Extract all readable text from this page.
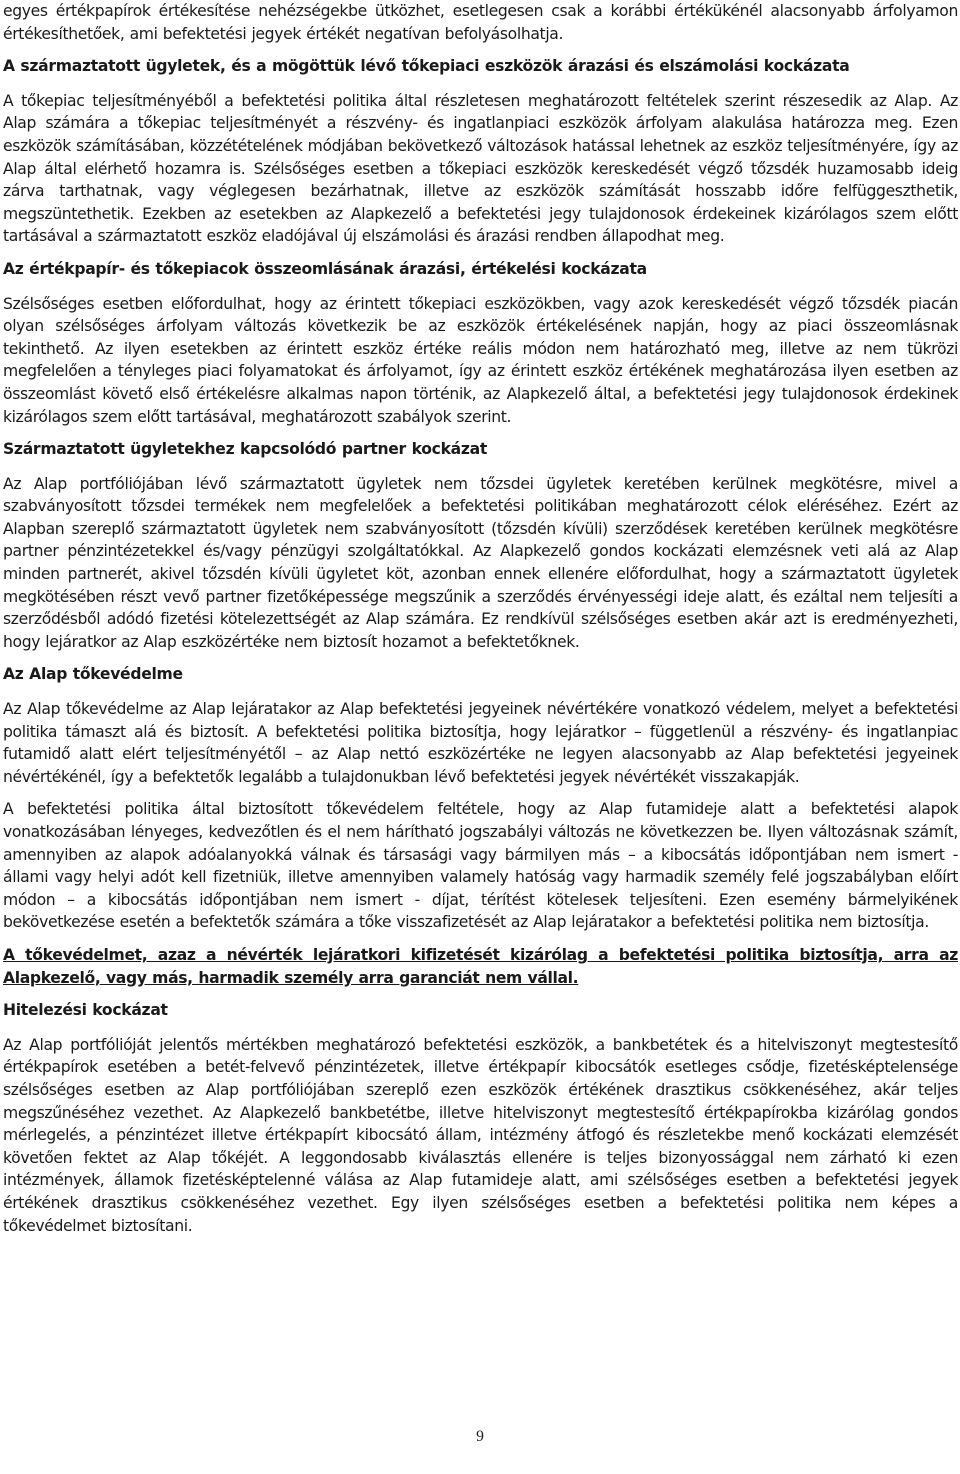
egyes értékpapírok értékesítése nehézségekbe ütközhet, esetlegesen csak a korábbi értékükénél alacsonyabb árfolyamon értékesíthetőek, ami befektetési jegyek értékét negatívan befolyásolhatja.

A származtatott ügyletek, és a mögöttük lévő tőkepiaci eszközök árazási és elszámolási kockázata

A tőkepiac teljesítményéből a befektetési politika által részletesen meghatározott feltételek szerint részesedik az Alap. Az Alap számára a tőkepiac teljesítményét a részvény- és ingatlanpiaci eszközök árfolyam alakulása határozza meg. Ezen eszközök számításában, közzétételének módjában bekövetkező változások hatással lehetnek az eszköz teljesítményére, így az Alap által elérhető hozamra is. Szélsőséges esetben a tőkepiaci eszközök kereskedését végző tőzsdék huzamosabb ideig zárva tarthatnak, vagy véglegesen bezárhatnak, illetve az eszközök számítását hosszabb időre felfüggeszthetik, megszüntethetik. Ezekben az esetekben az Alapkezelő a befektetési jegy tulajdonosok érdekeinek kizárólagos szem előtt tartásával a származtatott eszköz eladójával új elszámolási és árazási rendben állapodhat meg.

Az értékpapír- és tőkepiacok összeomlásának árazási, értékelési kockázata

Szélsőséges esetben előfordulhat, hogy az érintett tőkepiaci eszközökben, vagy azok kereskedését végző tőzsdék piacán olyan szélsőséges árfolyam változás következik be az eszközök értékelésének napján, hogy az piaci összeomlásnak tekinthető. Az ilyen esetekben az érintett eszköz értéke reális módon nem határozható meg, illetve az nem tükrözi megfelelően a tényleges piaci folyamatokat és árfolyamot, így az érintett eszköz értékének meghatározása ilyen esetben az összeomlást követő első értékelésre alkalmas napon történik, az Alapkezelő által, a befektetési jegy tulajdonosok érdekinek kizárólagos szem előtt tartásával, meghatározott szabályok szerint.

Származtatott ügyletekhez kapcsolódó partner kockázat

Az Alap portfóliójában lévő származtatott ügyletek nem tőzsdei ügyletek keretében kerülnek megkötésre, mivel a szabványosított tőzsdei termékek nem megfelelőek a befektetési politikában meghatározott célok eléréséhez. Ezért az Alapban szereplő származtatott ügyletek nem szabványosított (tőzsdén kívüli) szerződések keretében kerülnek megkötésre partner pénzintézetekkel és/vagy pénzügyi szolgáltatókkal. Az Alapkezelő gondos kockázati elemzésnek veti alá az Alap minden partnerét, akivel tőzsdén kívüli ügyletet köt, azonban ennek ellenére előfordulhat, hogy a származtatott ügyletek megkötésében részt vevő partner fizetőképessége megszűnik a szerződés érvényességi ideje alatt, és ezáltal nem teljesíti a szerződésből adódó fizetési kötelezettségét az Alap számára. Ez rendkívül szélsőséges esetben akár azt is eredményezheti, hogy lejáratkor az Alap eszközértéke nem biztosít hozamot a befektetőknek.

Az Alap tőkevédelme

Az Alap tőkevédelme az Alap lejáratakor az Alap befektetési jegyeinek névértékére vonatkozó védelem, melyet a befektetési politika támaszt alá és biztosít. A befektetési politika biztosítja, hogy lejáratkor – függetlenül a részvény- és ingatlanpiac futamidő alatt elért teljesítményétől – az Alap nettó eszközértéke ne legyen alacsonyabb az Alap befektetési jegyeinek névértékénél, így a befektetők legalább a tulajdonukban lévő befektetési jegyek névértékét visszakapják.

A befektetési politika által biztosított tőkevédelem feltétele, hogy az Alap futamideje alatt a befektetési alapok vonatkozásában lényeges, kedvezőtlen és el nem hárítható jogszabályi változás ne következzen be. Ilyen változásnak számít, amennyiben az alapok adóalanyokká válnak és társasági vagy bármilyen más – a kibocsátás időpontjában nem ismert - állami vagy helyi adót kell fizetniük, illetve amennyiben valamely hatóság vagy harmadik személy felé jogszabályban előírt módon – a kibocsátás időpontjában nem ismert - díjat, térítést kötelesek teljesíteni. Ezen esemény bármelyikének bekövetkezése esetén a befektetők számára a tőke visszafizetését az Alap lejáratakor a befektetési politika nem biztosítja.

A tőkevédelmet, azaz a névérték lejáratkori kifizetését kizárólag a befektetési politika biztosítja, arra az Alapkezelő, vagy más, harmadik személy arra garanciát nem vállal.

Hitelezési kockázat

Az Alap portfólióját jelentős mértékben meghatározó befektetési eszközök, a bankbetétek és a hitelviszonyt megtestesítő értékpapírok esetében a betét-felvevő pénzintézetek, illetve értékpapír kibocsátók esetleges csődje, fizetésképtelensége szélsőséges esetben az Alap portfóliójában szereplő ezen eszközök értékének drasztikus csökkenéséhez, akár teljes megszűnéséhez vezethet. Az Alapkezelő bankbetétbe, illetve hitelviszonyt megtestesítő értékpapírokba kizárólag gondos mérlegelés, a pénzintézet illetve értékpapírt kibocsátó állam, intézmény átfogó és részletekbe menő kockázati elemzését követően fektet az Alap tőkéjét. A leggondosabb kiválasztás ellenére is teljes bizonyossággal nem zárható ki ezen intézmények, államok fizetésképtelenné válása az Alap futamideje alatt, ami szélsőséges esetben a befektetési jegyek értékének drasztikus csökkenéséhez vezethet. Egy ilyen szélsőséges esetben a befektetési politika nem képes a tőkevédelmet biztosítani.

9
